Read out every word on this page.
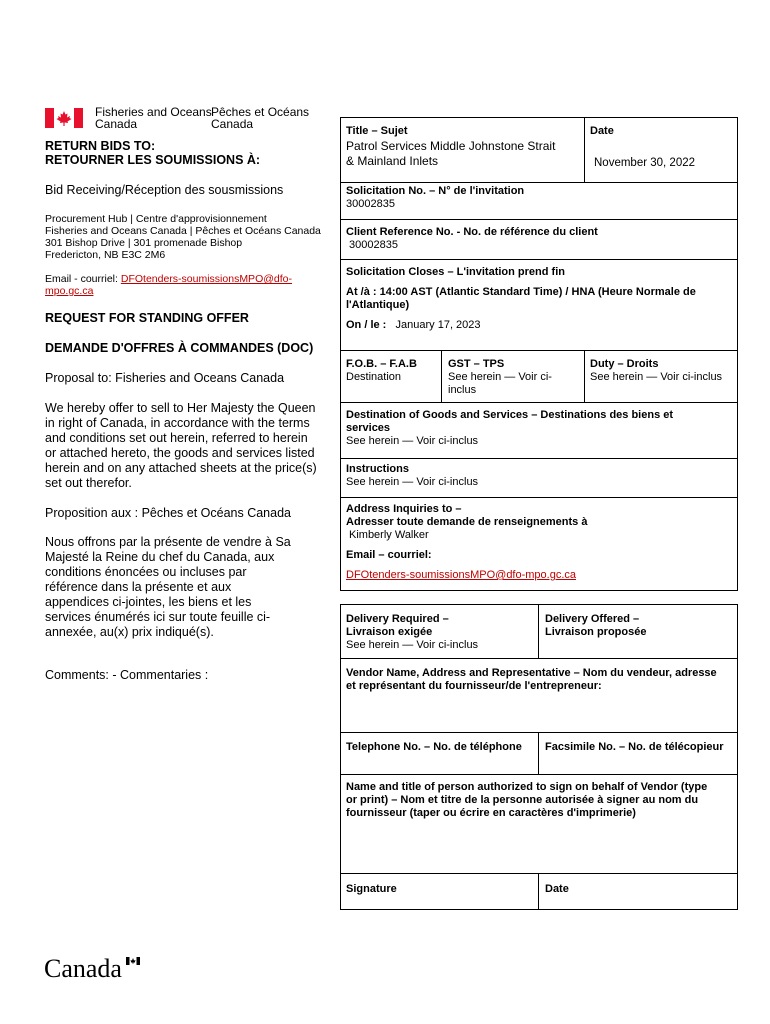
Fisheries and Oceans
Canada
Pêches et Océans
Canada
RETURN BIDS TO:
RETOURNER LES SOUMISSIONS À:
Bid Receiving/Réception des sousmissions
Procurement Hub | Centre d'approvisionnement
Fisheries and Oceans Canada | Pêches et Océans Canada
301 Bishop Drive | 301 promenade Bishop
Fredericton, NB E3C 2M6
Email - courriel: DFOtenders-soumissionsMPO@dfo-
mpo.gc.ca
REQUEST FOR STANDING OFFER
DEMANDE D'OFFRES À COMMANDES (DOC)
Proposal to: Fisheries and Oceans Canada
We hereby offer to sell to Her Majesty the Queen
in right of Canada, in accordance with the terms
and conditions set out herein, referred to herein
or attached hereto, the goods and services listed
herein and on any attached sheets at the price(s)
set out therefor.
Proposition aux : Pêches et Océans Canada
Nous offrons par la présente de vendre à Sa
Majesté la Reine du chef du Canada, aux
conditions énoncées ou incluses par
référence dans la présente et aux
appendices ci-jointes, les biens et les
services énumérés ici sur toute feuille ci-
annexée, au(x) prix indiqué(s).
Comments: - Commentaries :
Title – Sujet
Patrol Services Middle Johnstone Strait
& Mainland Inlets
Date
November 30, 2022
Solicitation No. – N° de l'invitation
30002835
Client Reference No. - No. de référence du client
30002835
Solicitation Closes – L'invitation prend fin
At /à : 14:00 AST (Atlantic Standard Time) / HNA (Heure Normale de
l'Atlantique)
On / le : January 17, 2023
F.O.B. – F.A.B
Destination
GST – TPS
See herein — Voir ci-
inclus
Duty – Droits
See herein — Voir ci-inclus
Destination of Goods and Services – Destinations des biens et
services
See herein — Voir ci-inclus
Instructions
See herein — Voir ci-inclus
Address Inquiries to –
Adresser toute demande de renseignements à
Kimberly Walker
Email – courriel:
DFOtenders-soumissionsMPO@dfo-mpo.gc.ca
Delivery Required –
Livraison exigée
See herein — Voir ci-inclus
Delivery Offered –
Livraison proposée
Vendor Name, Address and Representative – Nom du vendeur, adresse
et représentant du fournisseur/de l'entrepreneur:
Telephone No. – No. de téléphone Facsimile No. – No. de télécopieur
Name and title of person authorized to sign on behalf of Vendor (type
or print) – Nom et titre de la personne autorisée à signer au nom du
fournisseur (taper ou écrire en caractères d'imprimerie)
Signature	Date
Canada
